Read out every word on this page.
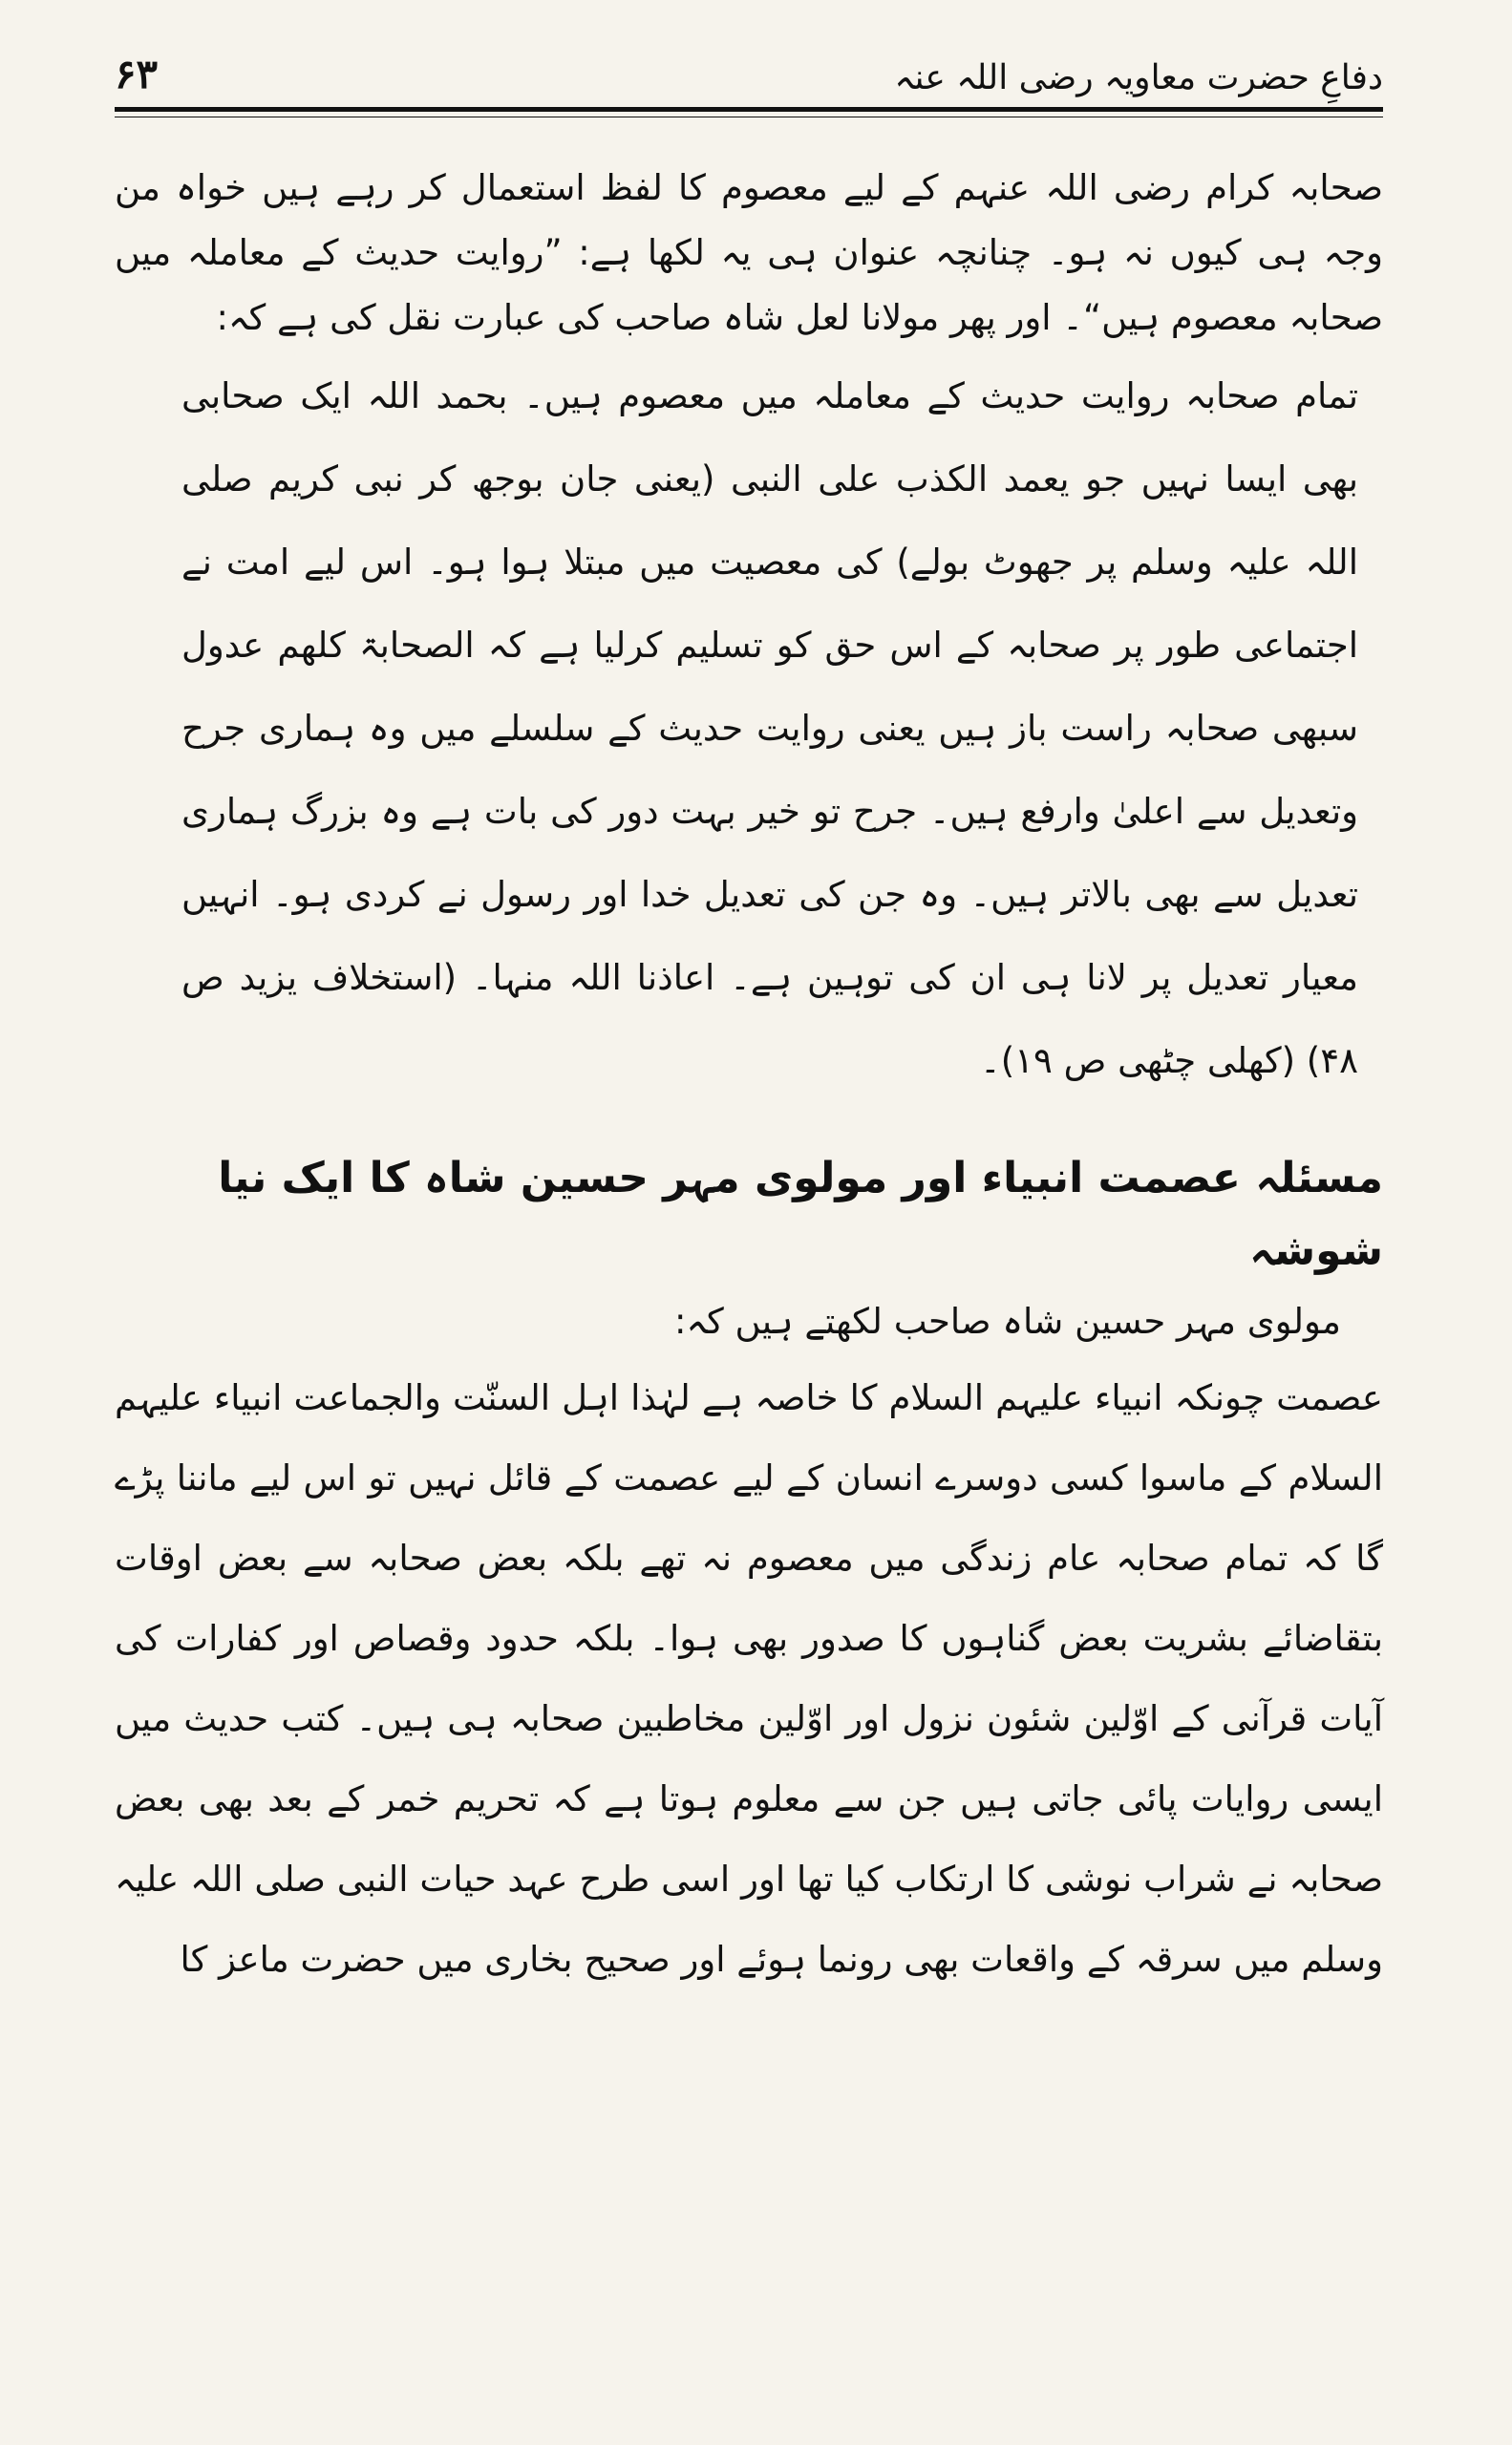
دفاعِ حضرت معاویہ رضی اللہ عنہ
۶۳

صحابہ کرام رضی اللہ عنہم کے لیے معصوم کا لفظ استعمال کر رہے ہیں خواہ من وجہ ہی کیوں نہ ہو۔ چنانچہ عنوان ہی یہ لکھا ہے: ”روایت حدیث کے معاملہ میں صحابہ معصوم ہیں“۔ اور پھر مولانا لعل شاہ صاحب کی عبارت نقل کی ہے کہ:

تمام صحابہ روایت حدیث کے معاملہ میں معصوم ہیں۔ بحمد اللہ ایک صحابی بھی ایسا نہیں جو یعمد الکذب علی النبی (یعنی جان بوجھ کر نبی کریم صلی اللہ علیہ وسلم پر جھوٹ بولے) کی معصیت میں مبتلا ہوا ہو۔ اس لیے امت نے اجتماعی طور پر صحابہ کے اس حق کو تسلیم کرلیا ہے کہ الصحابۃ کلھم عدول سبھی صحابہ راست باز ہیں یعنی روایت حدیث کے سلسلے میں وہ ہماری جرح وتعدیل سے اعلیٰ وارفع ہیں۔ جرح تو خیر بہت دور کی بات ہے وہ بزرگ ہماری تعدیل سے بھی بالاتر ہیں۔ وہ جن کی تعدیل خدا اور رسول نے کردی ہو۔ انہیں معیار تعدیل پر لانا ہی ان کی توہین ہے۔ اعاذنا اللہ منہا۔ (استخلاف یزید ص ۴۸) (کھلی چٹھی ص ۱۹)۔

مسئلہ عصمت انبیاء اور مولوی مہر حسین شاہ کا ایک نیا شوشہ

مولوی مہر حسین شاہ صاحب لکھتے ہیں کہ:

عصمت چونکہ انبیاء علیہم السلام کا خاصہ ہے لہٰذا اہل السنّت والجماعت انبیاء علیہم السلام کے ماسوا کسی دوسرے انسان کے لیے عصمت کے قائل نہیں تو اس لیے ماننا پڑے گا کہ تمام صحابہ عام زندگی میں معصوم نہ تھے بلکہ بعض صحابہ سے بعض اوقات بتقاضائے بشریت بعض گناہوں کا صدور بھی ہوا۔ بلکہ حدود وقصاص اور کفارات کی آیات قرآنی کے اوّلین شئون نزول اور اوّلین مخاطبین صحابہ ہی ہیں۔ کتب حدیث میں ایسی روایات پائی جاتی ہیں جن سے معلوم ہوتا ہے کہ تحریم خمر کے بعد بھی بعض صحابہ نے شراب نوشی کا ارتکاب کیا تھا اور اسی طرح عہد حیات النبی صلی اللہ علیہ وسلم میں سرقہ کے واقعات بھی رونما ہوئے اور صحیح بخاری میں حضرت ماعز کا
